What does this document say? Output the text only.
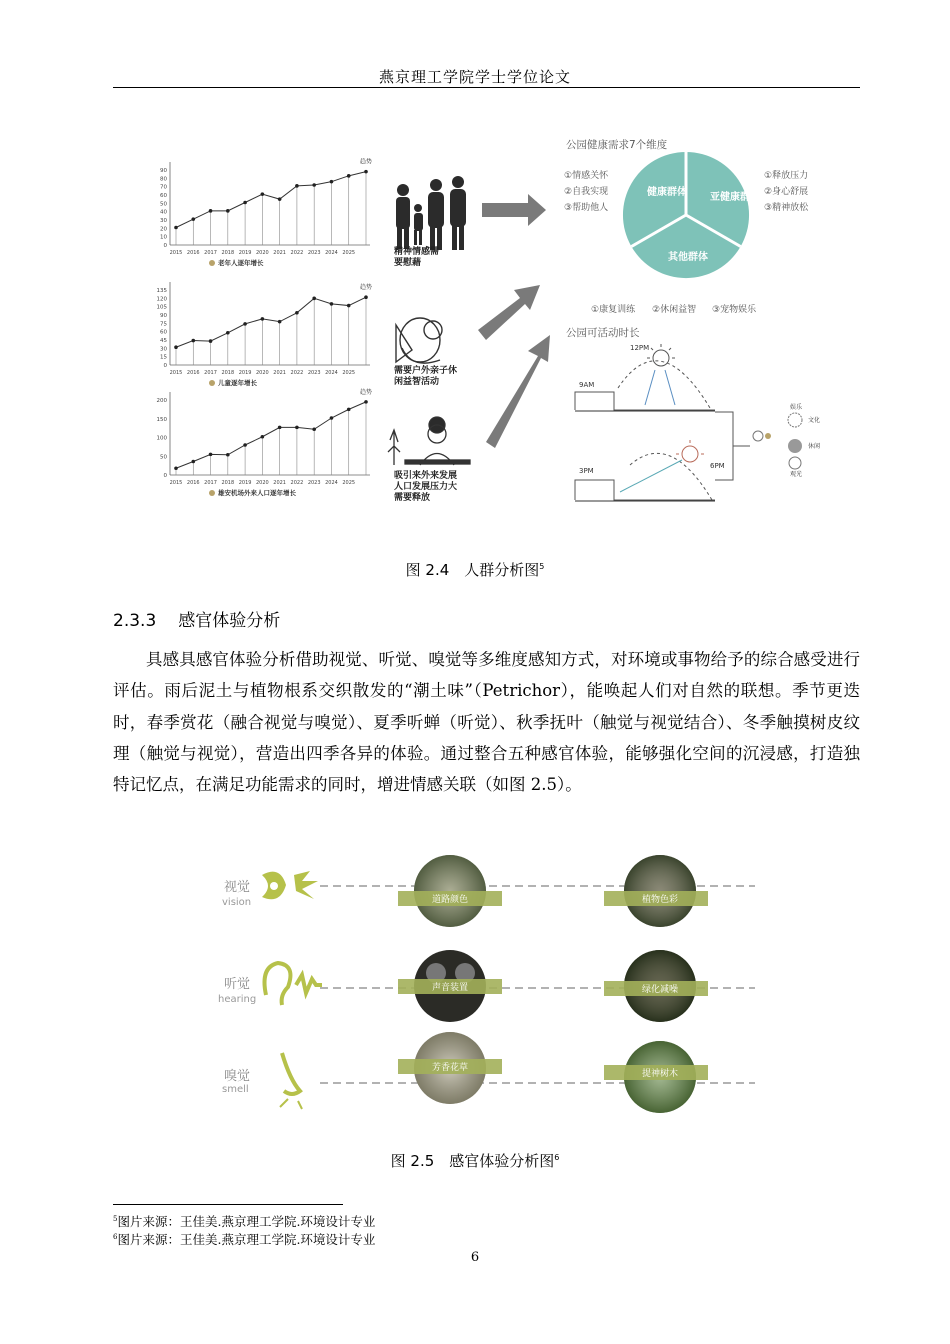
燕京理工学院学士学位论文
0
10
20
30
40
50
60
70
80
90
2015 2016 2017 2018 2019 2020 2021 2022 2023 2024 2025
趋势
老年人逐年增长
0
15
30
45
60
75
90
105
120
135
2015 2016 2017 2018 2019 2020 2021 2022 2023 2024 2025
趋势
儿童逐年增长
0
50
100
150
200
2015 2016 2017 2018 2019 2020 2021 2022 2023 2024 2025
趋势
雄安机场外来人口逐年增长
精神情感需
要慰藉
需要户外亲子休
闲益智活动
吸引来外来发展
人口发展压力大
需要释放
公园健康需求7个维度
健康群体 亚健康群体
其他群体
①情感关怀
②自我实现
③帮助他人
①释放压力
②身心舒展
③精神放松
①康复训练 ②休闲益智 ③宠物娱乐
公园可活动时长
12PM
9AM
3PM
6PM
娱乐
文化
休闲
观光
图 2.4　人群分析图$^5$
2.3.3 感官体验分析

具感具感官体验分析借助视觉、听觉、嗅觉等多维度感知方式，对环境或事物给予的综合感受进行评估。雨后泥土与植物根系交织散发的“潮土味”（Petrichor），能唤起人们对自然的联想。季节更迭时，春季赏花（融合视觉与嗅觉）、夏季听蝉（听觉）、秋季抚叶（触觉与视觉结合）、冬季触摸树皮纹理（触觉与视觉），营造出四季各异的体验。通过整合五种感官体验，能够强化空间的沉浸感，打造独特记忆点，在满足功能需求的同时，增进情感关联（如图 2.5）。

视觉
vision	道路颜色	植物色彩
听觉
hearing
声音装置	绿化减噪
嗅觉
smell
芳香花草
提神树木
图 2.5　感官体验分析图$^6$
$^5$图片来源：王佳美.燕京理工学院.环境设计专业
$^6$图片来源：王佳美.燕京理工学院.环境设计专业
6
